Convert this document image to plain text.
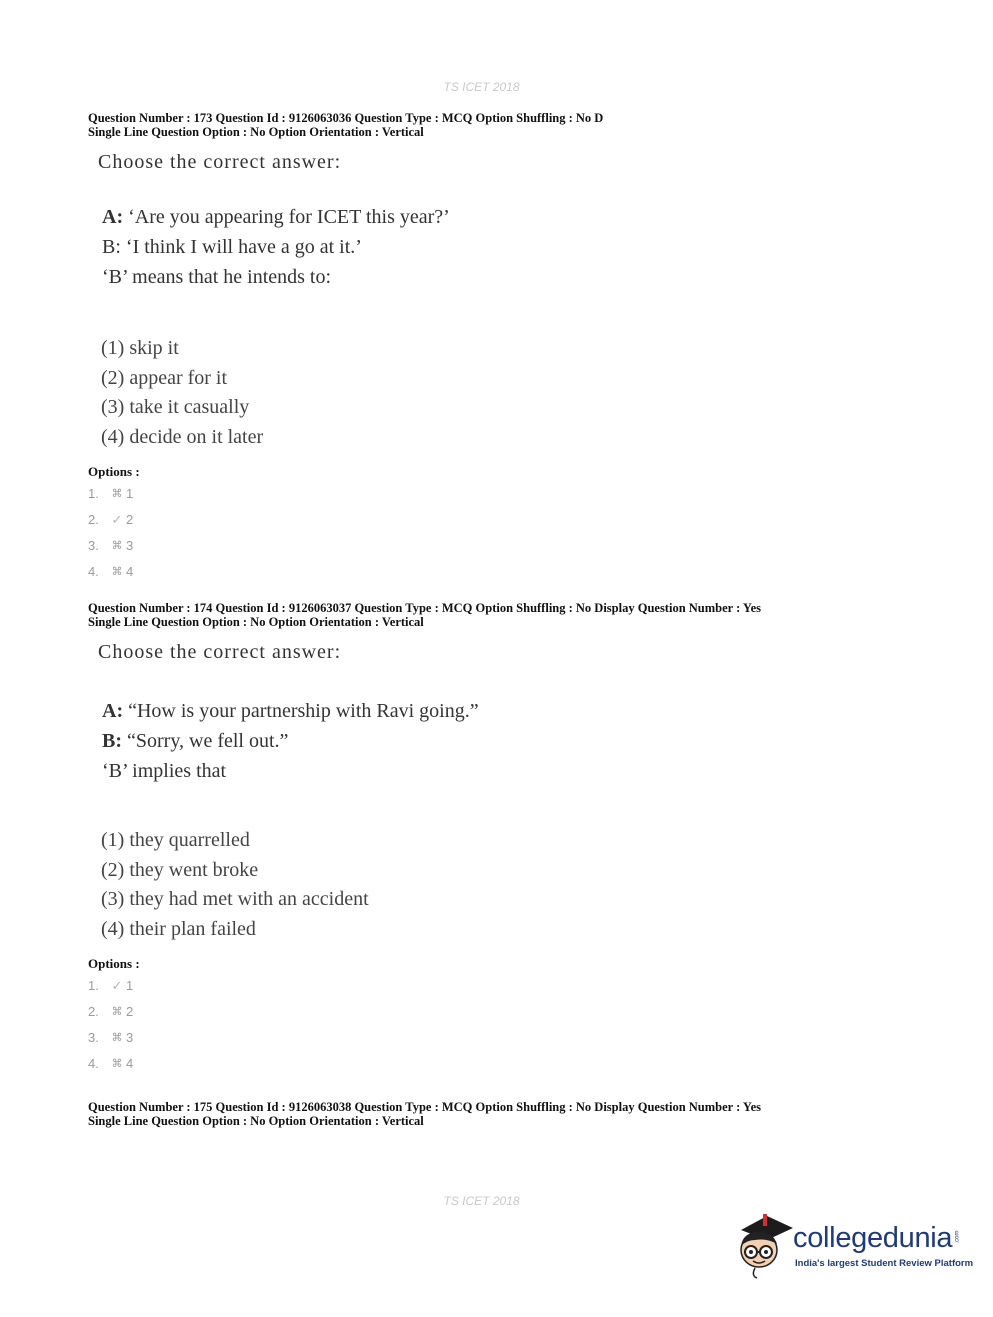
TS ICET 2018
Question Number : 173 Question Id : 9126063036 Question Type : MCQ Option Shuffling : No D
Single Line Question Option : No Option Orientation : Vertical
Choose the correct answer:
A: ‘Are you appearing for ICET this year?’
B: ‘I think I will have a go at it.’
‘B’ means that he intends to:
(1) skip it
(2) appear for it
(3) take it casually
(4) decide on it later
Options :
1.	⌘ 1
2. ✓ 2
3.	⌘ 3
4.	⌘ 4
Question Number : 174 Question Id : 9126063037 Question Type : MCQ Option Shuffling : No Display Question Number : Yes
Single Line Question Option : No Option Orientation : Vertical
Choose the correct answer:
A: “How is your partnership with Ravi going.”
B: “Sorry, we fell out.”
‘B’ implies that
(1) they quarrelled
(2) they went broke
(3) they had met with an accident
(4) their plan failed
Options :
1. ✓ 1
2.	⌘ 2
3.	⌘ 3
4.	⌘ 4
Question Number : 175 Question Id : 9126063038 Question Type : MCQ Option Shuffling : No Display Question Number : Yes
Single Line Question Option : No Option Orientation : Vertical
TS ICET 2018
collegedunia .com
India's largest Student Review Platform
